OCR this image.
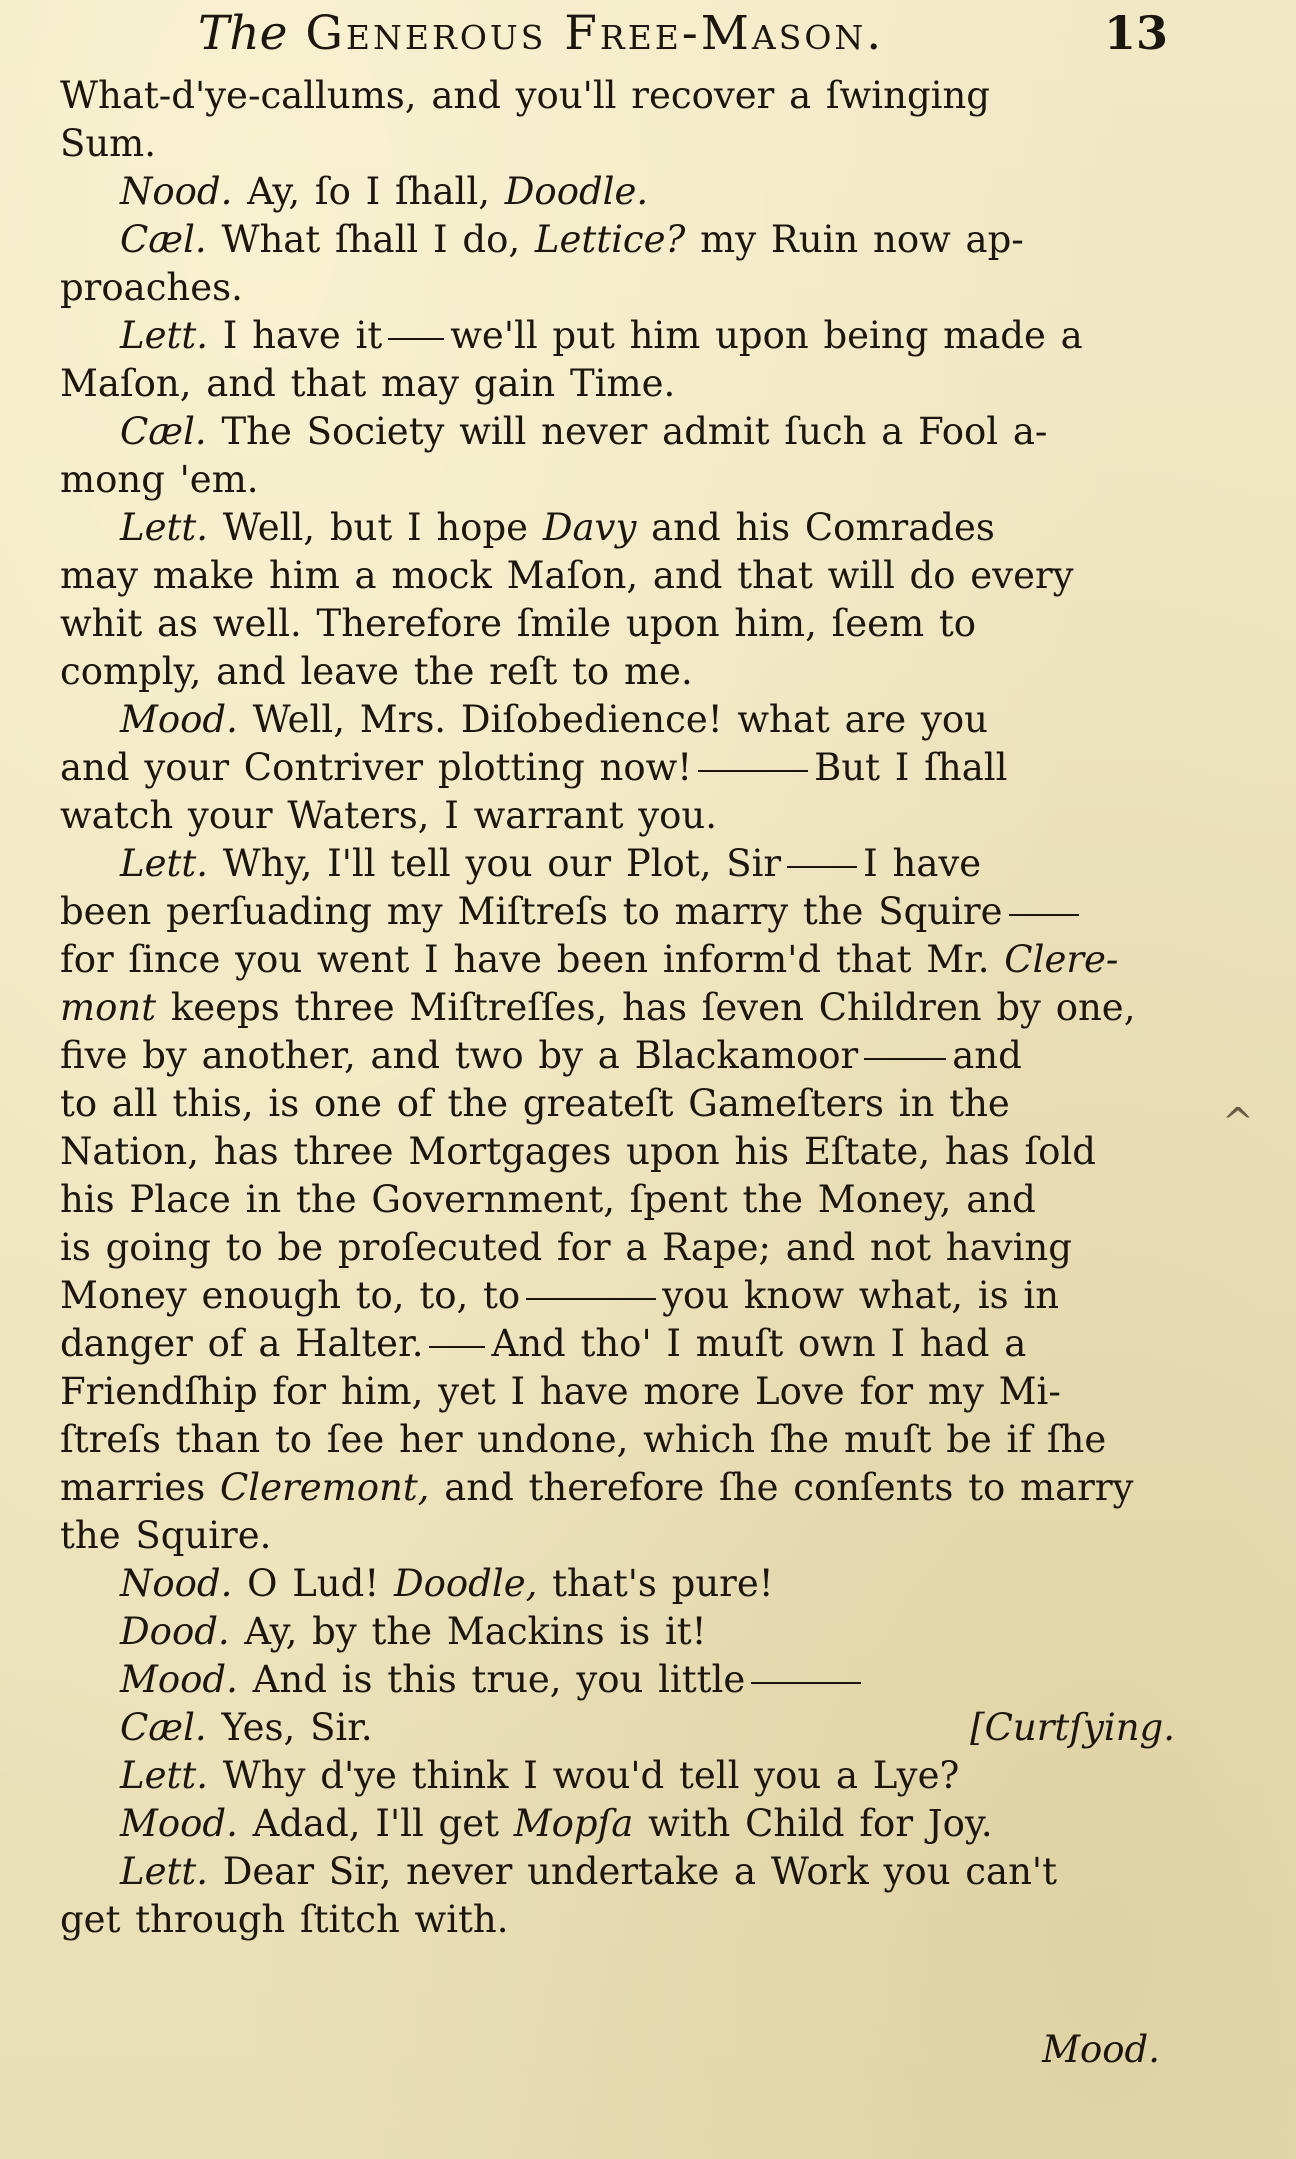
The Generous Free-Mason.	13
What-d'ye-callums, and you'll recover a ſwinging
Sum.
Nood. Ay, ſo I ſhall, Doodle.
Cæl. What ſhall I do, Lettice? my Ruin now ap-
proaches.
Lett. I have it we'll put him upon being made a
Maſon, and that may gain Time.
Cæl. The Society will never admit ſuch a Fool a-
mong 'em.
Lett. Well, but I hope Davy and his Comrades
may make him a mock Maſon, and that will do every
whit as well. Therefore ſmile upon him, ſeem to
comply, and leave the reſt to me.
Mood. Well, Mrs. Diſobedience! what are you
and your Contriver plotting now!	But I ſhall
watch your Waters, I warrant you.
Lett. Why, I'll tell you our Plot, Sir I have
been perſuading my Miſtreſs to marry the Squire
for ſince you went I have been inform'd that Mr. Clere-
mont keeps three Miſtreſſes, has ſeven Children by one,
five by another, and two by a Blackamoor	and
to all this, is one of the greateſt Gameſters in the
Nation, has three Mortgages upon his Eſtate, has ſold
his Place in the Government, ſpent the Money, and
is going to be proſecuted for a Rape; and not having
Money enough to, to, to	you know what, is in
danger of a Halter. And tho' I muſt own I had a
Friendſhip for him, yet I have more Love for my Mi-
ſtreſs than to ſee her undone, which ſhe muſt be if ſhe
marries Cleremont, and therefore ſhe conſents to marry
the Squire.
Nood. O Lud! Doodle, that's pure!
Dood. Ay, by the Mackins is it!
Mood. And is this true, you little
Cæl. Yes, Sir.	[Curtſying.
Lett. Why d'ye think I wou'd tell you a Lye?
Mood. Adad, I'll get Mopſa with Child for Joy.
Lett. Dear Sir, never undertake a Work you can't
get through ſtitch with.
Mood.
^
